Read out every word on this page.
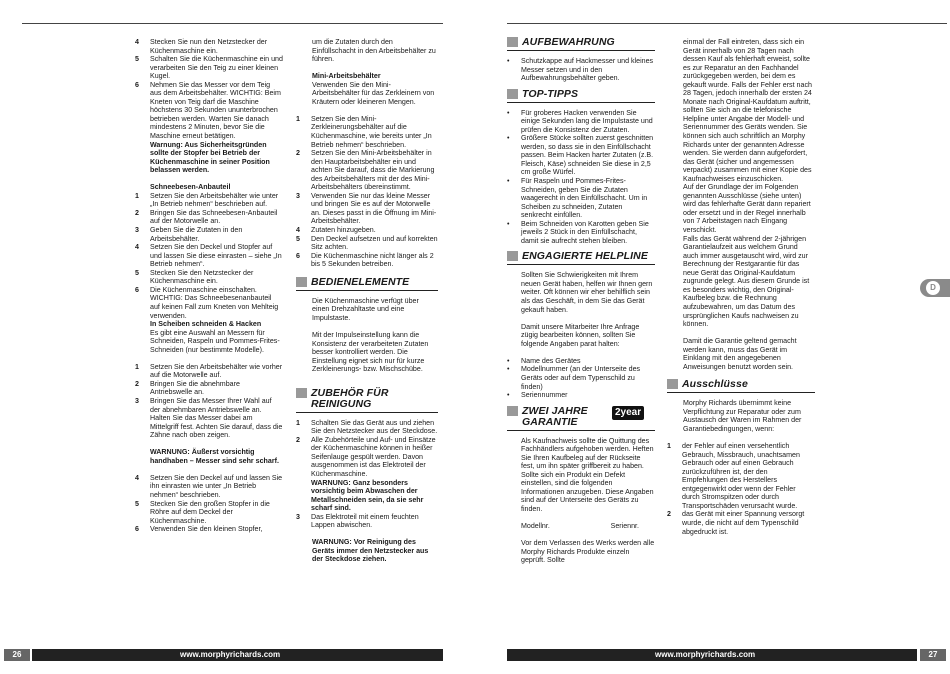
4	Stecken Sie nun den Netzstecker der Küchenmaschine ein.
5	Schalten Sie die Küchenmaschine ein und verarbeiten Sie den Teig zu einer kleinen Kugel.
6	Nehmen Sie das Messer vor dem Teig aus dem Arbeitsbehälter. WICHTIG: Beim Kneten von Teig darf die Maschine höchstens 30 Sekunden ununterbrochen betrieben werden. Warten Sie danach mindestens 2 Minuten, bevor Sie die Maschine erneut betätigen.
Warnung: Aus Sicherheitsgründen sollte der Stopfer bei Betrieb der Küchenmaschine in seiner Position belassen werden.
Schneebesen-Anbauteil
1	Setzen Sie den Arbeitsbehälter wie unter „In Betrieb nehmen“ beschrieben auf.
2	Bringen Sie das Schneebesen-Anbauteil auf der Motorwelle an.
3	Geben Sie die Zutaten in den Arbeitsbehälter.
4	Setzen Sie den Deckel und Stopfer auf und lassen Sie diese einrasten – siehe „In Betrieb nehmen“.
5	Stecken Sie den Netzstecker der Küchenmaschine ein.
6	Die Küchenmaschine einschalten. WICHTIG: Das Schneebesenanbauteil auf keinen Fall zum Kneten von Mehlteig verwenden.
In Scheiben schneiden & Hacken
Es gibt eine Auswahl an Messern für Schneiden, Raspeln und Pommes-Frites-Schneiden (nur bestimmte Modelle).
1	Setzen Sie den Arbeitsbehälter wie vorher auf die Motorwelle auf.
2	Bringen Sie die abnehmbare Antriebswelle an.
3	Bringen Sie das Messer Ihrer Wahl auf der abnehmbaren Antriebswelle an. Halten Sie das Messer dabei am Mittelgriff fest. Achten Sie darauf, dass die Zähne nach oben zeigen.
WARNUNG: Äußerst vorsichtig handhaben – Messer sind sehr scharf.
4	Setzen Sie den Deckel auf und lassen Sie ihn einrasten wie unter „In Betrieb nehmen“ beschrieben.
5	Stecken Sie den großen Stopfer in die Röhre auf dem Deckel der Küchenmaschine.
6	Verwenden Sie den kleinen Stopfer,
um die Zutaten durch den Einfüllschacht in den Arbeitsbehälter zu führen.
Mini-Arbeitsbehälter
Verwenden Sie den Mini-Arbeitsbehälter für das Zerkleinern von Kräutern oder kleineren Mengen.
1	Setzen Sie den Mini-Zerkleinerungsbehälter auf die Küchenmaschine, wie bereits unter „In Betrieb nehmen“ beschrieben.
2	Setzen Sie den Mini-Arbeitsbehälter in den Hauptarbeitsbehälter ein und achten Sie darauf, dass die Markierung des Arbeitsbehälters mit der des Mini-Arbeitsbehälters übereinstimmt.
3	Verwenden Sie nur das kleine Messer und bringen Sie es auf der Motorwelle an. Dieses passt in die Öffnung im Mini-Arbeitsbehälter.
4	Zutaten hinzugeben.
5	Den Deckel aufsetzen und auf korrekten Sitz achten.
6	Die Küchenmaschine nicht länger als 2 bis 5 Sekunden betreiben.
BEDIENELEMENTE
Die Küchenmaschine verfügt über einen Drehzahltaste und eine Impulstaste.
Mit der Impulseinstellung kann die Konsistenz der verarbeiteten Zutaten besser kontrolliert werden. Die Einstellung eignet sich nur für kurze Zerkleinerungs- bzw. Mischschübe.
ZUBEHÖR FÜR REINIGUNG
1	Schalten Sie das Gerät aus und ziehen Sie den Netzstecker aus der Steckdose.
2	Alle Zubehörteile und Auf- und Einsätze der Küchenmaschine können in heißer Seifenlauge gespült werden. Davon ausgenommen ist das Elektroteil der Küchenmaschine.
WARNUNG: Ganz besonders vorsichtig beim Abwaschen der Metallschneiden sein, da sie sehr scharf sind.
3	Das Elektroteil mit einem feuchten Lappen abwischen.
WARNUNG: Vor Reinigung des Geräts immer den Netzstecker aus der Steckdose ziehen.
AUFBEWAHRUNG
•	Schutzkappe auf Hackmesser und kleines Messer setzen und in den Aufbewahrungsbehälter geben.
TOP-TIPPS
•	Für groberes Hacken verwenden Sie einige Sekunden lang die Impulstaste und prüfen die Konsistenz der Zutaten.
•	Größere Stücke sollten zuerst geschnitten werden, so dass sie in den Einfüllschacht passen. Beim Hacken harter Zutaten (z.B. Fleisch, Käse) schneiden Sie diese in 2,5 cm große Würfel.
•	Für Raspeln und Pommes-Frites-Schneiden, geben Sie die Zutaten waagerecht in den Einfüllschacht. Um in Scheiben zu schneiden, Zutaten senkrecht einfüllen.
•	Beim Schneiden von Karotten geben Sie jeweils 2 Stück in den Einfüllschacht, damit sie aufrecht stehen bleiben.
ENGAGIERTE HELPLINE
Sollten Sie Schwierigkeiten mit Ihrem neuen Gerät haben, helfen wir Ihnen gern weiter. Oft können wir eher behilflich sein als das Geschäft, in dem Sie das Gerät gekauft haben.
Damit unsere Mitarbeiter Ihre Anfrage zügig bearbeiten können, sollten Sie folgende Angaben parat halten:
•	Name des Gerätes
•	Modellnummer (an der Unterseite des Geräts oder auf dem Typenschild zu finden)
•	Seriennummer
ZWEI JAHRE GARANTIE
2year
Als Kaufnachweis sollte die Quittung des Fachhändlers aufgehoben werden. Heften Sie Ihren Kaufbeleg auf der Rückseite fest, um ihn später griffbereit zu haben. Sollte sich ein Produkt ein Defekt einstellen, sind die folgenden Informationen anzugeben. Diese Angaben sind auf der Unterseite des Geräts zu finden.
Modellnr.	Seriennr.
Vor dem Verlassen des Werks werden alle Morphy Richards Produkte einzeln geprüft. Sollte
einmal der Fall eintreten, dass sich ein Gerät innerhalb von 28 Tagen nach dessen Kauf als fehlerhaft erweist, sollte es zur Reparatur an den Fachhandel zurückgegeben werden, bei dem es gekauft wurde. Falls der Fehler erst nach 28 Tagen, jedoch innerhalb der ersten 24 Monate nach Original-Kaufdatum auftritt, sollten Sie sich an die telefonische Helpline unter Angabe der Modell- und Seriennummer des Geräts wenden. Sie können sich auch schriftlich an Morphy Richards unter der genannten Adresse wenden. Sie werden dann aufgefordert, das Gerät (sicher und angemessen verpackt) zusammen mit einer Kopie des Kaufnachweises einzuschicken.
Auf der Grundlage der im Folgenden genannten Ausschlüsse (siehe unten) wird das fehlerhafte Gerät dann repariert oder ersetzt und in der Regel innerhalb von 7 Arbeitstagen nach Eingang verschickt.
Falls das Gerät während der 2-jährigen Garantielaufzeit aus welchem Grund auch immer ausgetauscht wird, wird zur Berechnung der Restgarantie für das neue Gerät das Original-Kaufdatum zugrunde gelegt. Aus diesem Grunde ist es besonders wichtig, den Original-Kaufbeleg bzw. die Rechnung aufzubewahren, um das Datum des ursprünglichen Kaufs nachweisen zu können.
Damit die Garantie geltend gemacht werden kann, muss das Gerät im Einklang mit den angegebenen Anweisungen benutzt worden sein.
Ausschlüsse
Morphy Richards übernimmt keine Verpflichtung zur Reparatur oder zum Austausch der Waren im Rahmen der Garantiebedingungen, wenn:
1	der Fehler auf einen versehentlich Gebrauch, Missbrauch, unachtsamen Gebrauch oder auf einen Gebrauch zurückzuführen ist, der den Empfehlungen des Herstellers entgegenwirkt oder wenn der Fehler durch Stromspitzen oder durch Transportschäden verursacht wurde.
2	das Gerät mit einer Spannung versorgt wurde, die nicht auf dem Typenschild abgedruckt ist.
D
26	www.morphyrichards.com	www.morphyrichards.com	27
